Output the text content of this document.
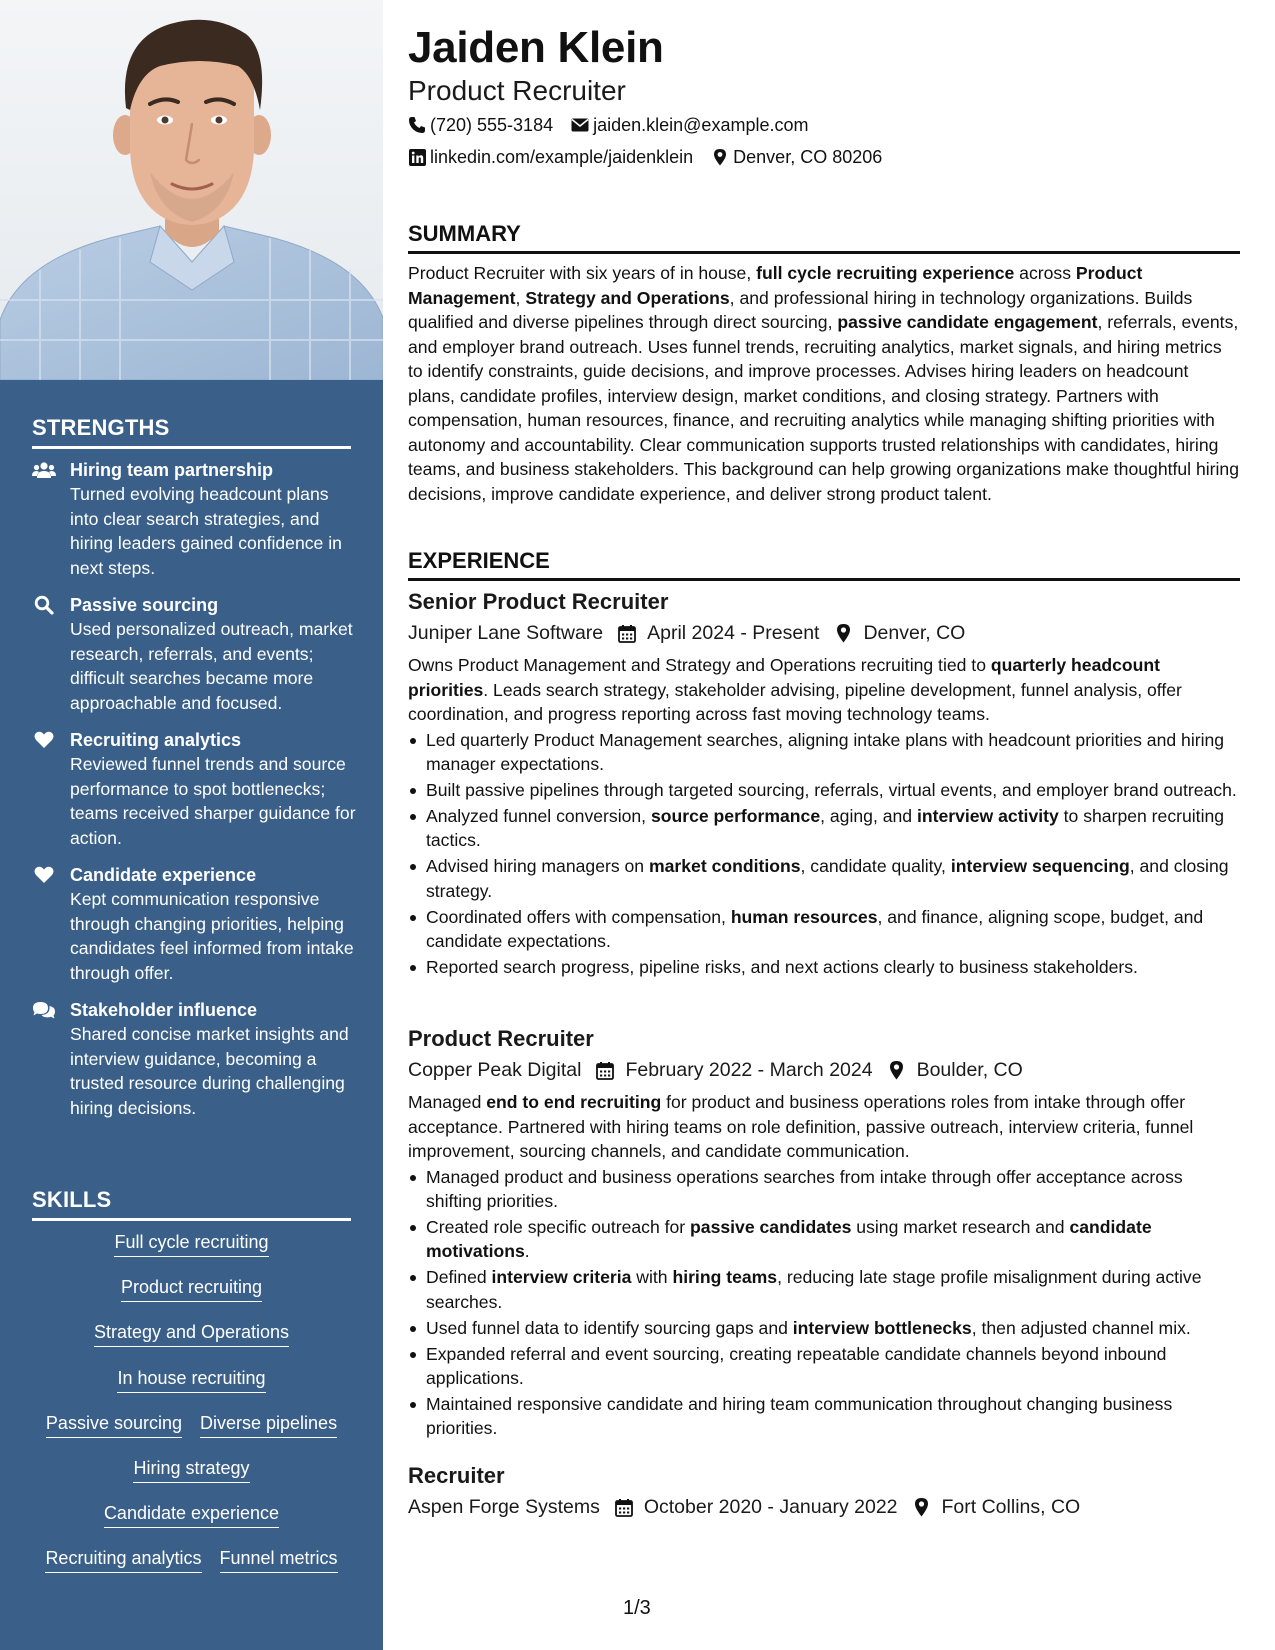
STRENGTHS
Hiring team partnership
Turned evolving headcount plans into clear search strategies, and hiring leaders gained confidence in next steps.
Passive sourcing
Used personalized outreach, market research, referrals, and events; difficult searches became more approachable and focused.
Recruiting analytics
Reviewed funnel trends and source performance to spot bottlenecks; teams received sharper guidance for action.
Candidate experience
Kept communication responsive through changing priorities, helping candidates feel informed from intake through offer.
Stakeholder influence
Shared concise market insights and interview guidance, becoming a trusted resource during challenging hiring decisions.
SKILLS
Full cycle recruiting
Product recruiting
Strategy and Operations
In house recruiting
Passive sourcing Diverse pipelines
Hiring strategy
Candidate experience
Recruiting analytics Funnel metrics
Jaiden Klein
Product Recruiter
(720) 555-3184 jaiden.klein@example.com
linkedin.com/example/jaidenklein Denver, CO 80206
SUMMARY
Product Recruiter with six years of in house, full cycle recruiting experience across Product Management, Strategy and Operations, and professional hiring in technology organizations. Builds qualified and diverse pipelines through direct sourcing, passive candidate engagement, referrals, events, and employer brand outreach. Uses funnel trends, recruiting analytics, market signals, and hiring metrics to identify constraints, guide decisions, and improve processes. Advises hiring leaders on headcount plans, candidate profiles, interview design, market conditions, and closing strategy. Partners with compensation, human resources, finance, and recruiting analytics while managing shifting priorities with autonomy and accountability. Clear communication supports trusted relationships with candidates, hiring teams, and business stakeholders. This background can help growing organizations make thoughtful hiring decisions, improve candidate experience, and deliver strong product talent.
EXPERIENCE
Senior Product Recruiter
Juniper Lane Software April 2024 - Present Denver, CO
Owns Product Management and Strategy and Operations recruiting tied to quarterly headcount priorities. Leads search strategy, stakeholder advising, pipeline development, funnel analysis, offer coordination, and progress reporting across fast moving technology teams.
Led quarterly Product Management searches, aligning intake plans with headcount priorities and hiring manager expectations.
Built passive pipelines through targeted sourcing, referrals, virtual events, and employer brand outreach.
Analyzed funnel conversion, source performance, aging, and interview activity to sharpen recruiting tactics.
Advised hiring managers on market conditions, candidate quality, interview sequencing, and closing strategy.
Coordinated offers with compensation, human resources, and finance, aligning scope, budget, and candidate expectations.
Reported search progress, pipeline risks, and next actions clearly to business stakeholders.
Product Recruiter
Copper Peak Digital February 2022 - March 2024 Boulder, CO
Managed end to end recruiting for product and business operations roles from intake through offer acceptance. Partnered with hiring teams on role definition, passive outreach, interview criteria, funnel improvement, sourcing channels, and candidate communication.
Managed product and business operations searches from intake through offer acceptance across shifting priorities.
Created role specific outreach for passive candidates using market research and candidate motivations.
Defined interview criteria with hiring teams, reducing late stage profile misalignment during active searches.
Used funnel data to identify sourcing gaps and interview bottlenecks, then adjusted channel mix.
Expanded referral and event sourcing, creating repeatable candidate channels beyond inbound applications.
Maintained responsive candidate and hiring team communication throughout changing business priorities.
Recruiter
Aspen Forge Systems October 2020 - January 2022 Fort Collins, CO
1/3
